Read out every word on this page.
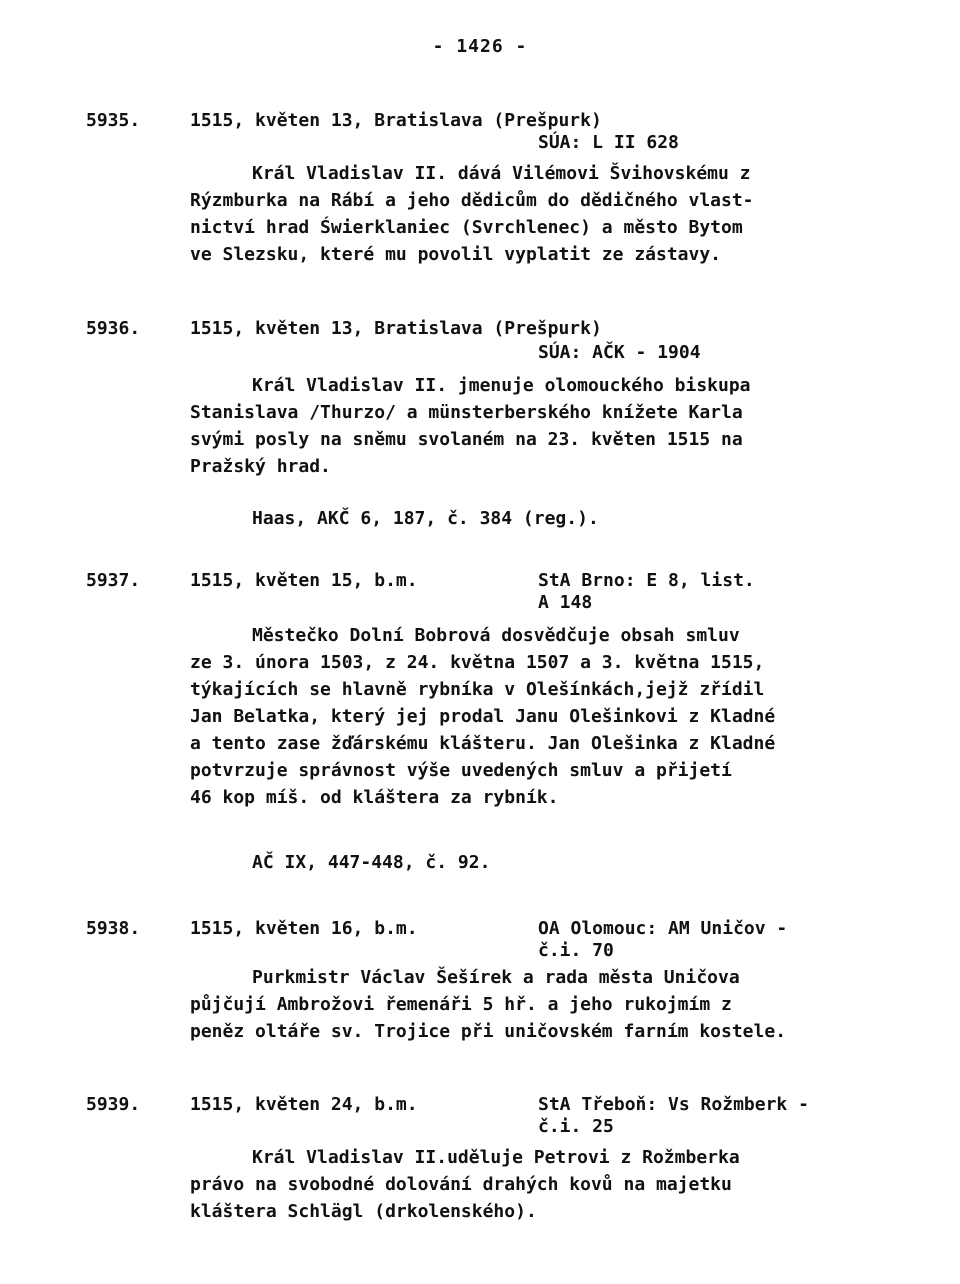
- 1426 -
5935.	1515, květen 13, Bratislava (Prešpurk)
SÚA: L II 628
Král Vladislav II. dává Vilémovi Švihovskému z
Rýzmburka na Rábí a jeho dědicům do dědičného vlast-
nictví hrad Świerklaniec (Svrchlenec) a město Bytom
ve Slezsku, které mu povolil vyplatit ze zástavy.
5936.	1515, květen 13, Bratislava (Prešpurk)
SÚA: AČK - 1904
Král Vladislav II. jmenuje olomouckého biskupa
Stanislava /Thurzo/ a münsterberského knížete Karla
svými posly na sněmu svolaném na 23. květen 1515 na
Pražský hrad.
Haas, AKČ 6, 187, č. 384 (reg.).
5937.	1515, květen 15, b.m.	StA Brno: E 8, list.
A 148
Městečko Dolní Bobrová dosvědčuje obsah smluv
ze 3. února 1503, z 24. května 1507 a 3. května 1515,
týkajících se hlavně rybníka v Olešínkách,jejž zřídil
Jan Belatka, který jej prodal Janu Olešinkovi z Kladné
a tento zase žďárskému klášteru. Jan Olešinka z Kladné
potvrzuje správnost výše uvedených smluv a přijetí
46 kop míš. od kláštera za rybník.
AČ IX, 447-448, č. 92.
5938.	1515, květen 16, b.m.	OA Olomouc: AM Uničov -
č.i. 70
Purkmistr Václav Šešírek a rada města Uničova
půjčují Ambrožovi řemenáři 5 hř. a jeho rukojmím z
peněz oltáře sv. Trojice při uničovském farním kostele.
5939.	1515, květen 24, b.m.	StA Třeboň: Vs Rožmberk -
č.i. 25
Král Vladislav II.uděluje Petrovi z Rožmberka
právo na svobodné dolování drahých kovů na majetku
kláštera Schlägl (drkolenského).
